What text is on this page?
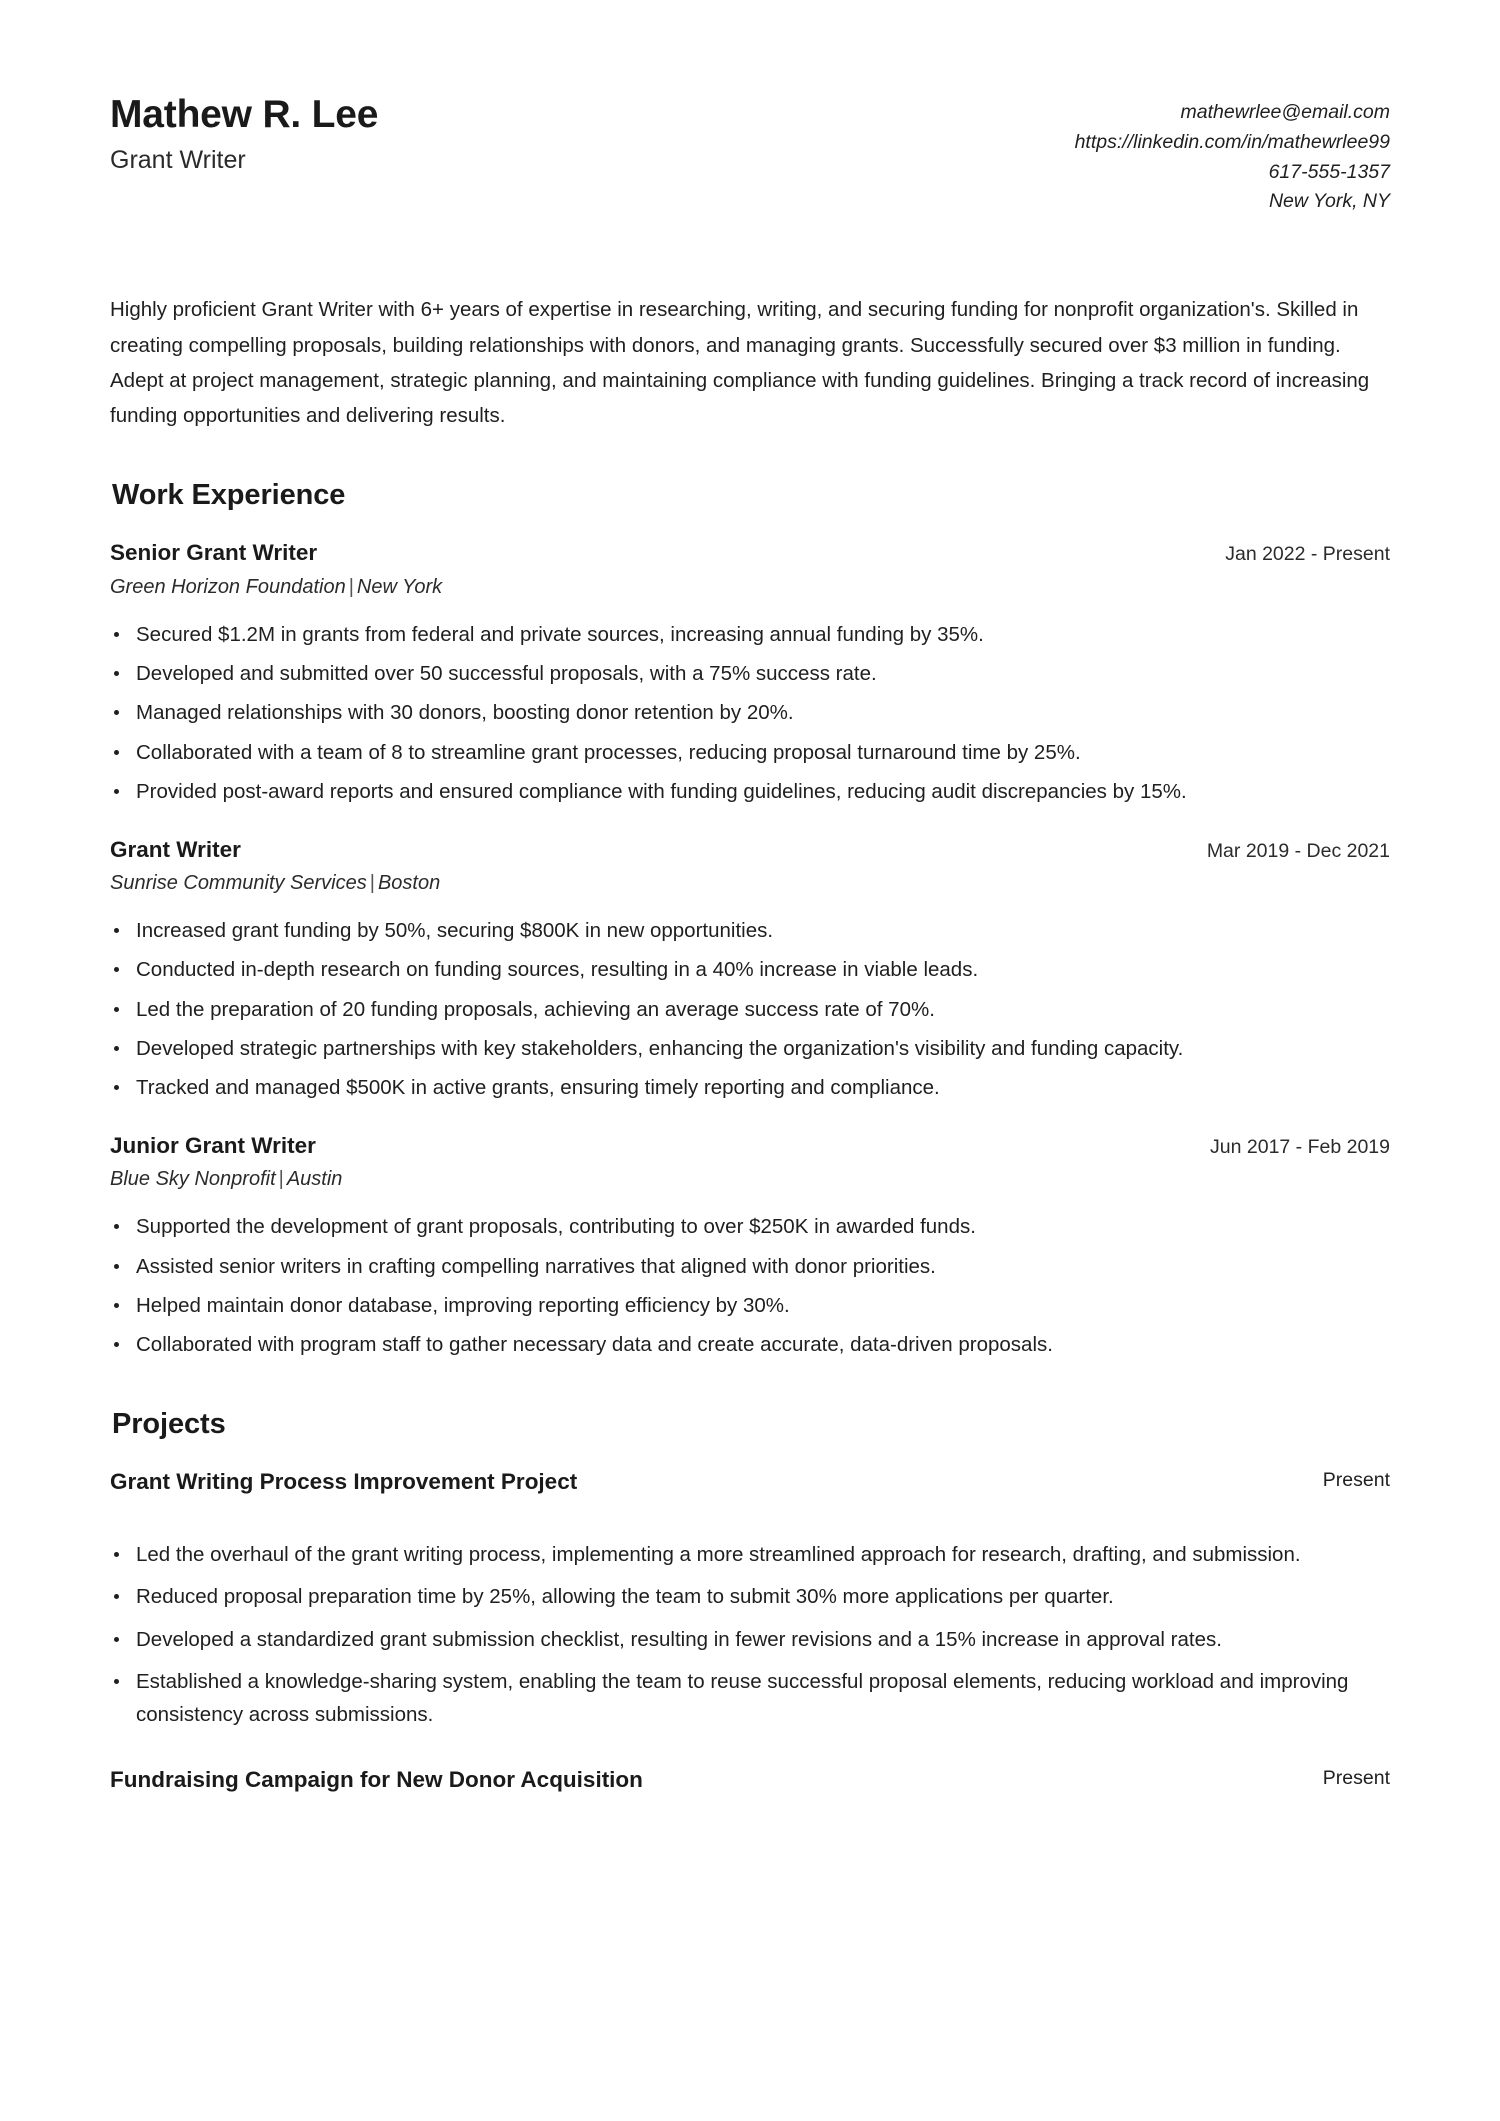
Mathew R. Lee
Grant Writer
mathewrlee@email.com
https://linkedin.com/in/mathewrlee99
617-555-1357
New York, NY
Highly proficient Grant Writer with 6+ years of expertise in researching, writing, and securing funding for nonprofit organization's. Skilled in creating compelling proposals, building relationships with donors, and managing grants. Successfully secured over $3 million in funding. Adept at project management, strategic planning, and maintaining compliance with funding guidelines. Bringing a track record of increasing funding opportunities and delivering results.
Work Experience
Senior Grant Writer	Jan 2022 - Present
Green Horizon Foundation | New York
Secured $1.2M in grants from federal and private sources, increasing annual funding by 35%.
Developed and submitted over 50 successful proposals, with a 75% success rate.
Managed relationships with 30 donors, boosting donor retention by 20%.
Collaborated with a team of 8 to streamline grant processes, reducing proposal turnaround time by 25%.
Provided post-award reports and ensured compliance with funding guidelines, reducing audit discrepancies by 15%.
Grant Writer	Mar 2019 - Dec 2021
Sunrise Community Services | Boston
Increased grant funding by 50%, securing $800K in new opportunities.
Conducted in-depth research on funding sources, resulting in a 40% increase in viable leads.
Led the preparation of 20 funding proposals, achieving an average success rate of 70%.
Developed strategic partnerships with key stakeholders, enhancing the organization's visibility and funding capacity.
Tracked and managed $500K in active grants, ensuring timely reporting and compliance.
Junior Grant Writer	Jun 2017 - Feb 2019
Blue Sky Nonprofit | Austin
Supported the development of grant proposals, contributing to over $250K in awarded funds.
Assisted senior writers in crafting compelling narratives that aligned with donor priorities.
Helped maintain donor database, improving reporting efficiency by 30%.
Collaborated with program staff to gather necessary data and create accurate, data-driven proposals.
Projects
Grant Writing Process Improvement Project	Present
Led the overhaul of the grant writing process, implementing a more streamlined approach for research, drafting, and submission.
Reduced proposal preparation time by 25%, allowing the team to submit 30% more applications per quarter.
Developed a standardized grant submission checklist, resulting in fewer revisions and a 15% increase in approval rates.
Established a knowledge-sharing system, enabling the team to reuse successful proposal elements, reducing workload and improving consistency across submissions.
Fundraising Campaign for New Donor Acquisition	Present
